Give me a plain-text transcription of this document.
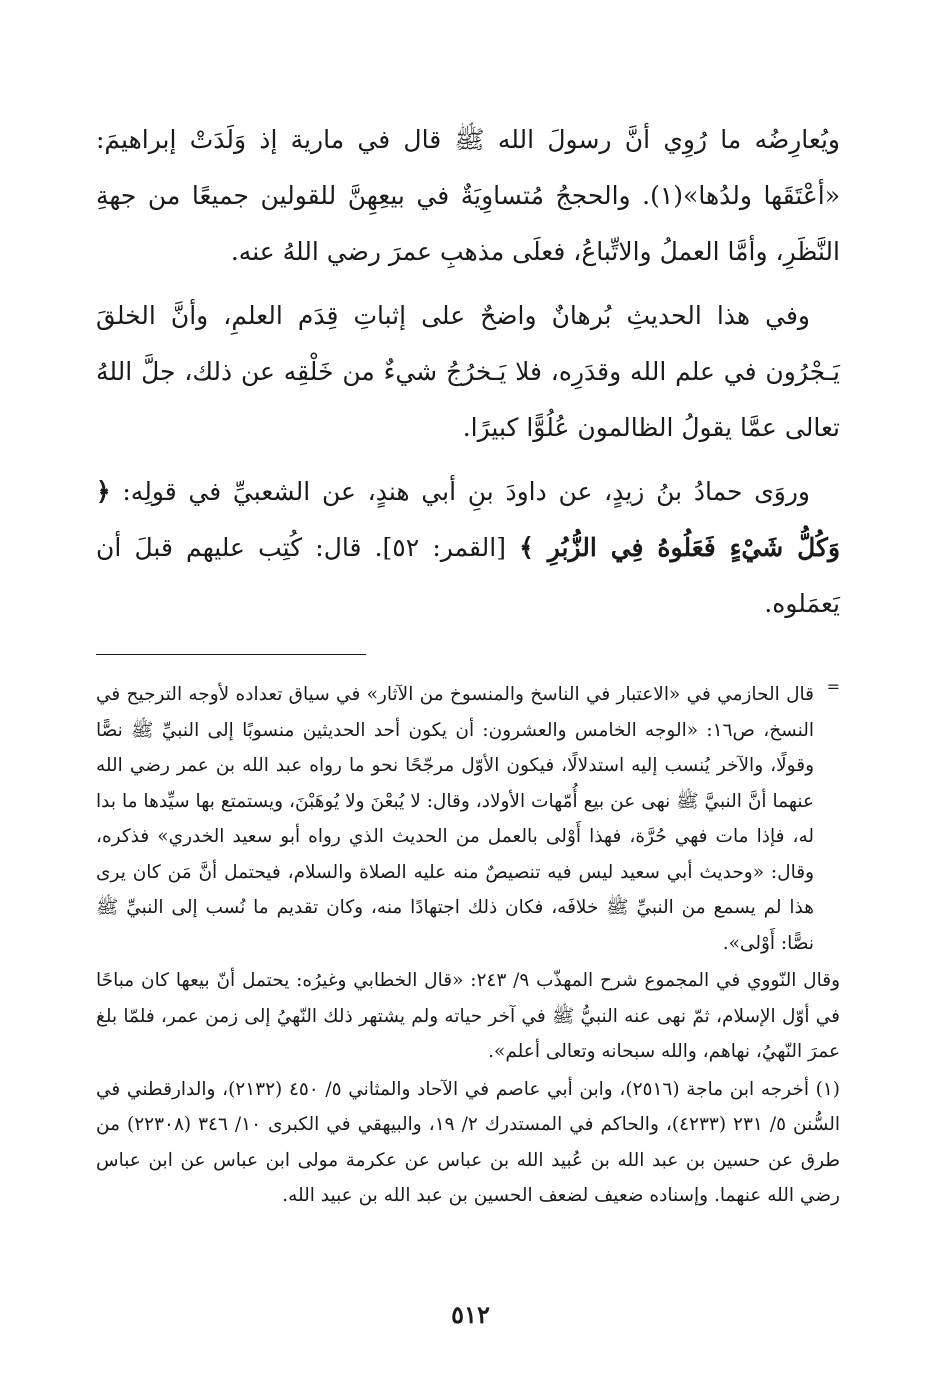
ويُعارِضُه ما رُوِي أنَّ رسولَ الله ﷺ قال في مارية إذ وَلَدَتْ إبراهيمَ: «أعْتَقَها ولدُها»(١). والحججُ مُتساوِيَةٌ في بيعِهِنَّ للقولين جميعًا من جهةِ النَّظَرِ، وأمَّا العملُ والاتِّباعُ، فعلَى مذهبِ عمرَ رضي اللهُ عنه.

وفي هذا الحديثِ بُرهانٌ واضحٌ على إثباتِ قِدَم العلمِ، وأنَّ الخلقَ يَـجْرُون في علم الله وقدَرِه، فلا يَـخرُجُ شيءٌ من خَلْقِه عن ذلك، جلَّ اللهُ تعالى عمَّا يقولُ الظالمون عُلُوًّا كبيرًا.

وروَى حمادُ بنُ زيدٍ، عن داودَ بنِ أبي هندٍ، عن الشعبيِّ في قولِه: ﴿ وَكُلُّ شَيْءٍ فَعَلُوهُ فِي الزُّبُرِ ﴾ [القمر: ٥٢]. قال: كُتِب عليهم قبلَ أن يَعمَلوه.

=

قال الحازمي في «الاعتبار في الناسخ والمنسوخ من الآثار» في سياق تعداده لأوجه الترجيح في النسخ، ص١٦: «الوجه الخامس والعشرون: أن يكون أحد الحديثين منسوبًا إلى النبيِّ ﷺ نصًّا وقولًا، والآخر يُنسب إليه استدلالًا، فيكون الأوّل مرجّحًا نحو ما رواه عبد الله بن عمر رضي الله عنهما أنَّ النبيَّ ﷺ نهى عن بيع أُمّهات الأولاد، وقال: لا يُبعْنَ ولا يُوهَبْنَ، ويستمتع بها سيِّدها ما بدا له، فإذا مات فهي حُرَّة، فهذا أَوْلى بالعمل من الحديث الذي رواه أبو سعيد الخدري» فذكره، وقال: «وحديث أبي سعيد ليس فيه تنصيصٌ منه عليه الصلاة والسلام، فيحتمل أنَّ مَن كان يرى هذا لم يسمع من النبيِّ ﷺ خلافَه، فكان ذلك اجتهادًا منه، وكان تقديم ما نُسب إلى النبيِّ ﷺ نصًّا: أَوْلى».

وقال النّووي في المجموع شرح المهذّب ٩/ ٢٤٣: «قال الخطابي وغيرُه: يحتمل أنّ بيعها كان مباحًا في أوّل الإسلام، ثمّ نهى عنه النبيُّ ﷺ في آخر حياته ولم يشتهر ذلك النّهيُ إلى زمن عمر، فلمّا بلغ عمرَ النّهيُ، نهاهم، والله سبحانه وتعالى أعلم».

(١) أخرجه ابن ماجة (٢٥١٦)، وابن أبي عاصم في الآحاد والمثاني ٥/ ٤٥٠ (٢١٣٢)، والدارقطني في السُّنن ٥/ ٢٣١ (٤٢٣٣)، والحاكم في المستدرك ٢/ ١٩، والبيهقي في الكبرى ١٠/ ٣٤٦ (٢٢٣٠٨) من طرق عن حسين بن عبد الله بن عُبيد الله بن عباس عن عكرمة مولى ابن عباس عن ابن عباس رضي الله عنهما. وإسناده ضعيف لضعف الحسين بن عبد الله بن عبيد الله.

٥١٢
